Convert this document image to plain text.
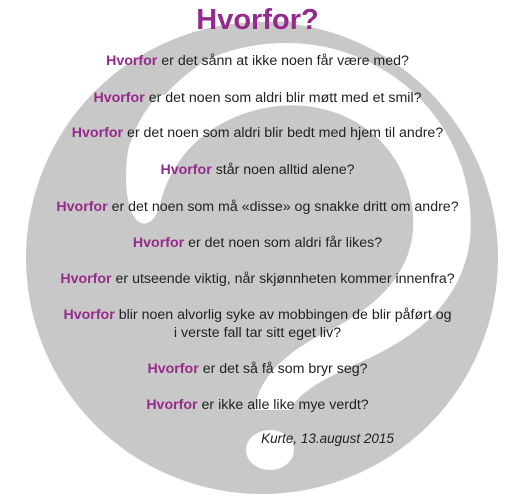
Hvorfor?
Hvorfor er det sånn at ikke noen får være med?
Hvorfor er det noen som aldri blir møtt med et smil?
Hvorfor er det noen som aldri blir bedt med hjem til andre?
Hvorfor står noen alltid alene?
Hvorfor er det noen som må «disse» og snakke dritt om andre?
Hvorfor er det noen som aldri får likes?
Hvorfor er utseende viktig, når skjønnheten kommer innenfra?
Hvorfor blir noen alvorlig syke av mobbingen de blir påført og
i verste fall tar sitt eget liv?
Hvorfor er det så få som bryr seg?
Hvorfor er ikke alle like mye verdt?
Kurte, 13.august 2015
